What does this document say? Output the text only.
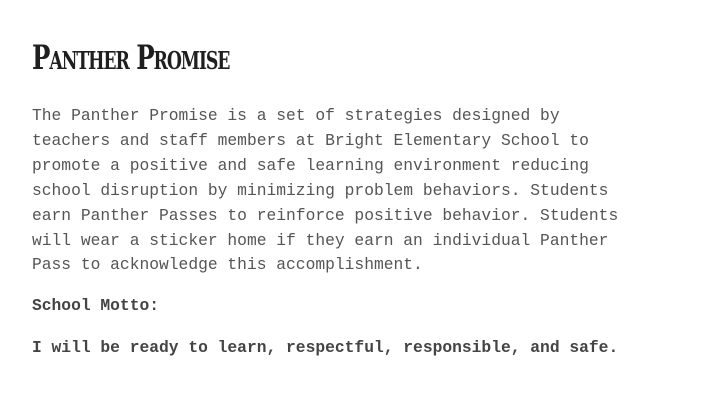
Panther Promise

The Panther Promise is a set of strategies designed by
teachers and staff members at Bright Elementary School to
promote a positive and safe learning environment reducing
school disruption by minimizing problem behaviors. Students
earn Panther Passes to reinforce positive behavior. Students
will wear a sticker home if they earn an individual Panther
Pass to acknowledge this accomplishment.

School Motto:

I will be ready to learn, respectful, responsible, and safe.
